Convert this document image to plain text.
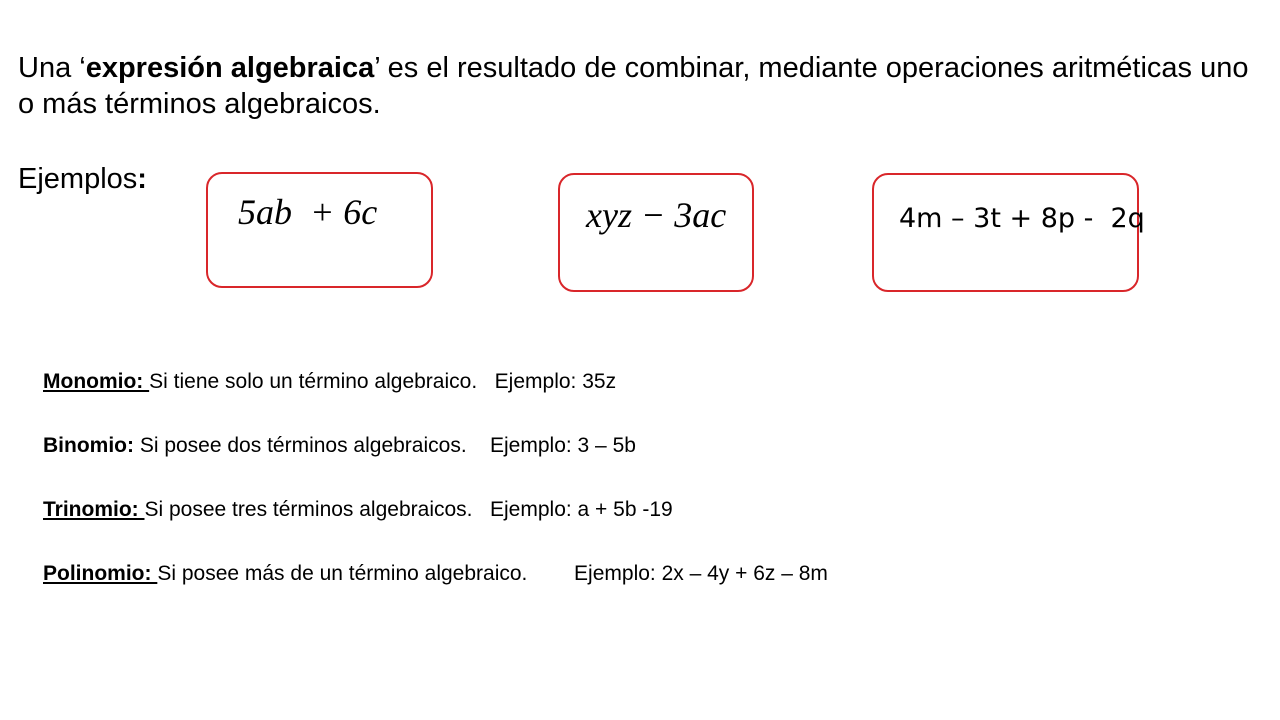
Una ‘expresión algebraica’ es el resultado de combinar, mediante operaciones aritméticas uno o más términos algebraicos.

Ejemplos:

5ab  + 6c	xyz − 3ac	4m – 3t + 8p -  2q
Monomio: Si tiene solo un término algebraico.   Ejemplo: 35z
Binomio: Si posee dos términos algebraicos.    Ejemplo: 3 – 5b
Trinomio: Si posee tres términos algebraicos.   Ejemplo: a + 5b -19
Polinomio: Si posee más de un término algebraico.        Ejemplo: 2x – 4y + 6z – 8m
